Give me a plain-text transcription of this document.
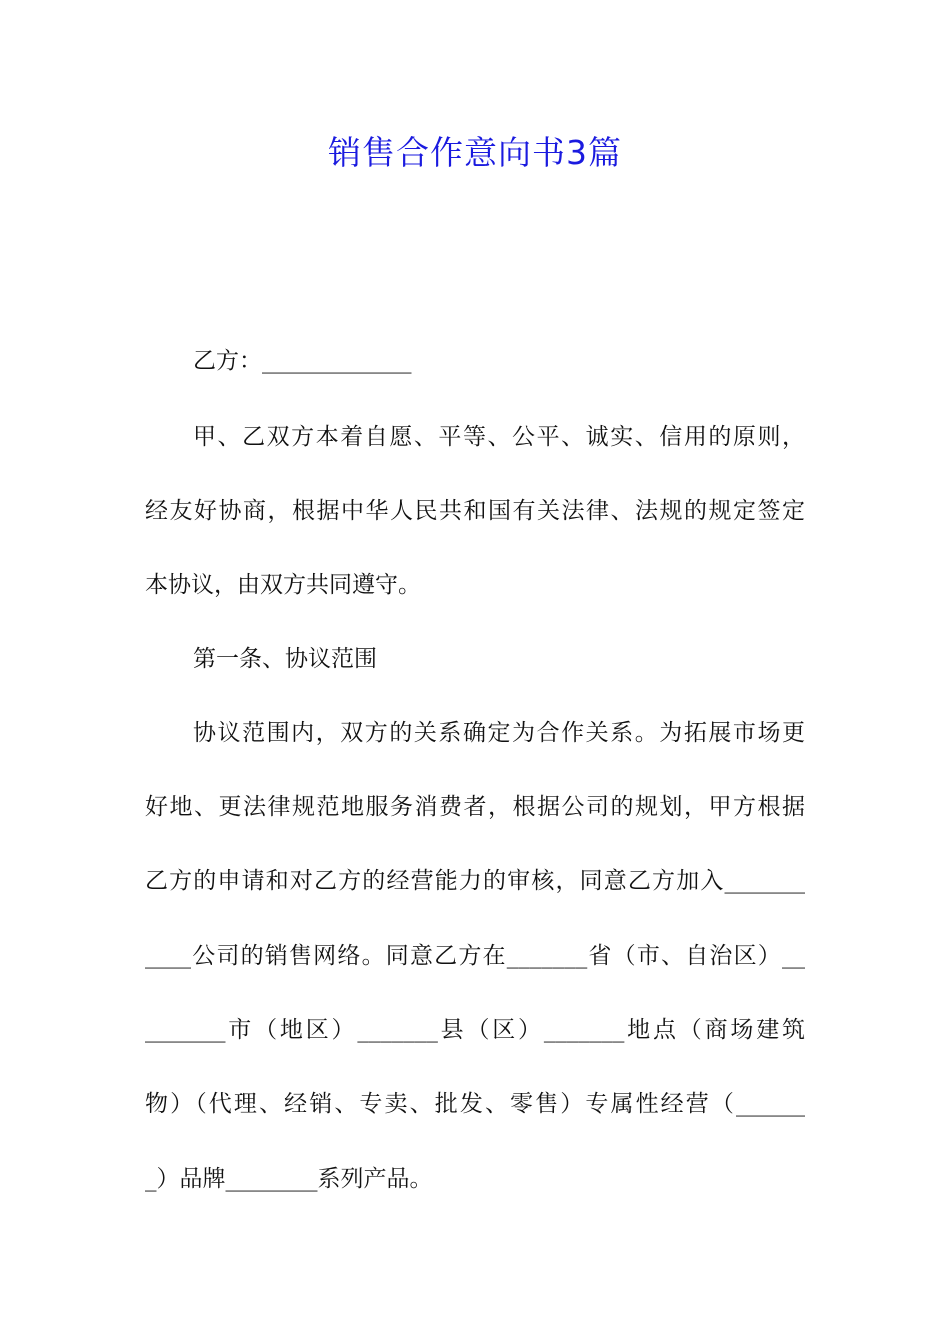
销售合作意向书3篇
乙方：_____________
甲、乙双方本着自愿、平等、公平、诚实、信用的原则，
经友好协商，根据中华人民共和国有关法律、法规的规定签定
本协议，由双方共同遵守。
第一条、协议范围
协议范围内，双方的关系确定为合作关系。为拓展市场更
好地、更法律规范地服务消费者，根据公司的规划，甲方根据
乙方的申请和对乙方的经营能力的审核，同意乙方加入_______
____公司的销售网络。同意乙方在_______省（市、自治区）__
_______市（地区）_______县（区）_______地点（商场建筑
物）（代理、经销、专卖、批发、零售）专属性经营（______
_）品牌________系列产品。
